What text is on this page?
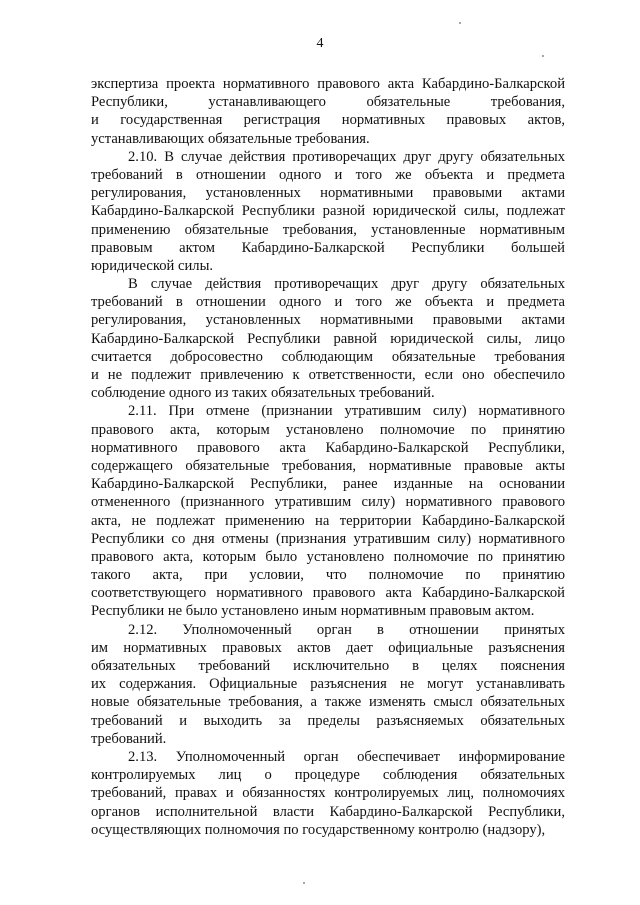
4
экспертиза проекта нормативного правового акта Кабардино-Балкарской
Республики, устанавливающего обязательные требования,
и государственная регистрация нормативных правовых актов,
устанавливающих обязательные требования.
2.10. В случае действия противоречащих друг другу обязательных
требований в отношении одного и того же объекта и предмета
регулирования, установленных нормативными правовыми актами
Кабардино-Балкарской Республики разной юридической силы, подлежат
применению обязательные требования, установленные нормативным
правовым актом Кабардино-Балкарской Республики большей
юридической силы.
В случае действия противоречащих друг другу обязательных
требований в отношении одного и того же объекта и предмета
регулирования, установленных нормативными правовыми актами
Кабардино-Балкарской Республики равной юридической силы, лицо
считается добросовестно соблюдающим обязательные требования
и не подлежит привлечению к ответственности, если оно обеспечило
соблюдение одного из таких обязательных требований.
2.11. При отмене (признании утратившим силу) нормативного
правового акта, которым установлено полномочие по принятию
нормативного правового акта Кабардино-Балкарской Республики,
содержащего обязательные требования, нормативные правовые акты
Кабардино-Балкарской Республики, ранее изданные на основании
отмененного (признанного утратившим силу) нормативного правового
акта, не подлежат применению на территории Кабардино-Балкарской
Республики со дня отмены (признания утратившим силу) нормативного
правового акта, которым было установлено полномочие по принятию
такого акта, при условии, что полномочие по принятию
соответствующего нормативного правового акта Кабардино-Балкарской
Республики не было установлено иным нормативным правовым актом.
2.12. Уполномоченный орган в отношении принятых
им нормативных правовых актов дает официальные разъяснения
обязательных требований исключительно в целях пояснения
их содержания. Официальные разъяснения не могут устанавливать
новые обязательные требования, а также изменять смысл обязательных
требований и выходить за пределы разъясняемых обязательных
требований.
2.13. Уполномоченный орган обеспечивает информирование
контролируемых лиц о процедуре соблюдения обязательных
требований, правах и обязанностях контролируемых лиц, полномочиях
органов исполнительной власти Кабардино-Балкарской Республики,
осуществляющих полномочия по государственному контролю (надзору),
